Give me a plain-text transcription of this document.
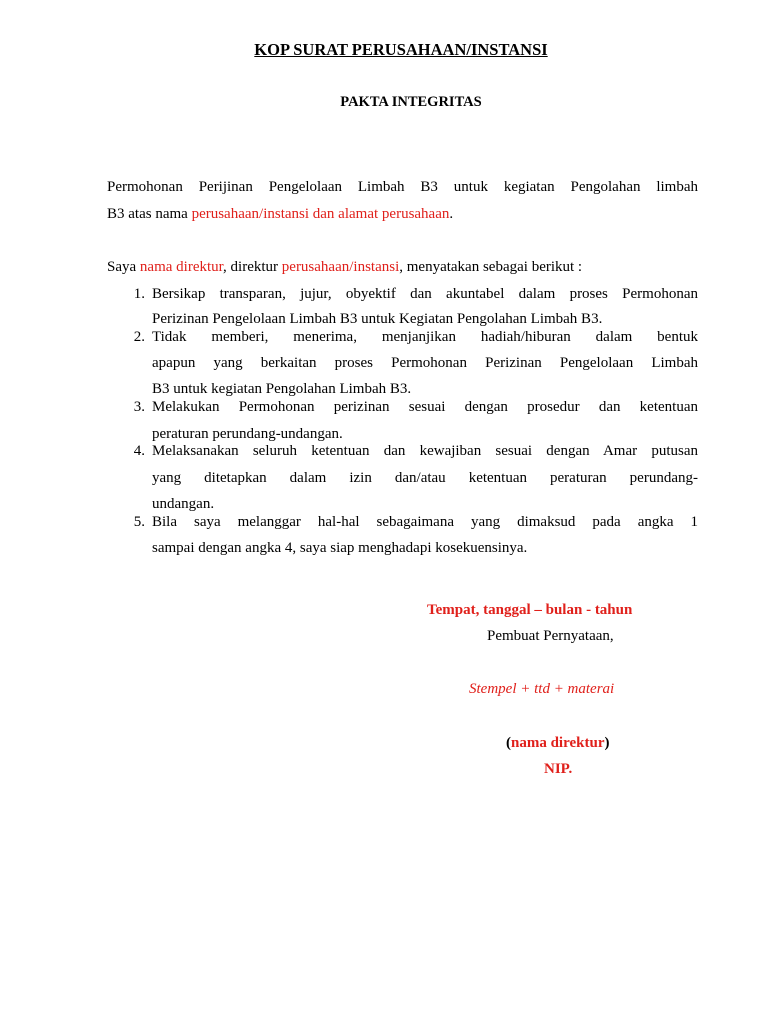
KOP SURAT PERUSAHAAN/INSTANSI
PAKTA INTEGRITAS
Permohonan Perijinan Pengelolaan Limbah B3 untuk kegiatan Pengolahan limbah
B3 atas nama perusahaan/instansi dan alamat perusahaan.
Saya nama direktur, direktur perusahaan/instansi, menyatakan sebagai berikut :
1. Bersikap transparan, jujur, obyektif dan akuntabel dalam proses Permohonan
Perizinan Pengelolaan Limbah B3 untuk Kegiatan Pengolahan Limbah B3.
2. Tidak memberi, menerima, menjanjikan hadiah/hiburan dalam bentuk
apapun yang berkaitan proses Permohonan Perizinan Pengelolaan Limbah
B3 untuk kegiatan Pengolahan Limbah B3.
3. Melakukan Permohonan perizinan sesuai dengan prosedur dan ketentuan
peraturan perundang-undangan.
4. Melaksanakan seluruh ketentuan dan kewajiban sesuai dengan Amar putusan
yang ditetapkan dalam izin dan/atau ketentuan peraturan perundang-
undangan.
5. Bila saya melanggar hal-hal sebagaimana yang dimaksud pada angka 1
sampai dengan angka 4, saya siap menghadapi kosekuensinya.
Tempat, tanggal – bulan - tahun
Pembuat Pernyataan,
Stempel + ttd + materai
(nama direktur)
NIP.
